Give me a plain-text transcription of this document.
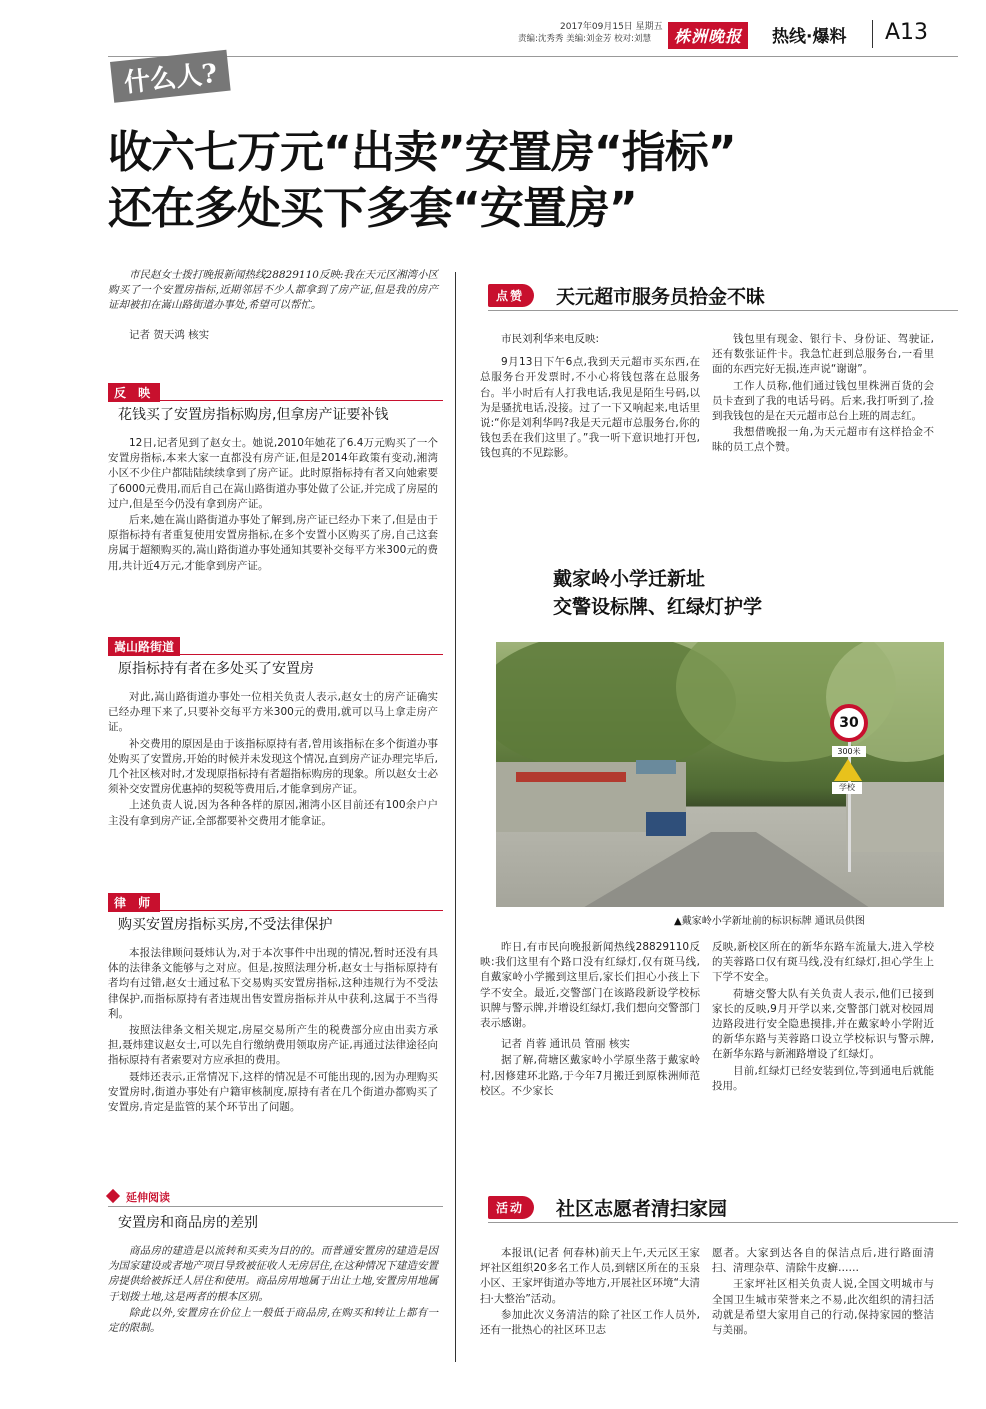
2017年09月15日 星期五
责编:沈秀秀 美编:刘金芳 校对:刘慧	株洲晚报	热线·爆料 A13
什么人?
收六七万元“出卖”安置房“指标”
还在多处买下多套“安置房”

市民赵女士拨打晚报新闻热线28829110反映:我在天元区湘湾小区购买了一个安置房指标,近期邻居不少人都拿到了房产证,但是我的房产证却被扣在嵩山路街道办事处,希望可以帮忙。

记者 贺天鸿 核实

反 映
花钱买了安置房指标购房,但拿房产证要补钱

12日,记者见到了赵女士。她说,2010年她花了6.4万元购买了一个安置房指标,本来大家一直都没有房产证,但是2014年政策有变动,湘湾小区不少住户都陆陆续续拿到了房产证。此时原指标持有者又向她索要了6000元费用,而后自己在嵩山路街道办事处做了公证,并完成了房屋的过户,但是至今仍没有拿到房产证。

后来,她在嵩山路街道办事处了解到,房产证已经办下来了,但是由于原指标持有者重复使用安置房指标,在多个安置小区购买了房,自己这套房属于超额购买的,嵩山路街道办事处通知其要补交每平方米300元的费用,共计近4万元,才能拿到房产证。

嵩山路街道
原指标持有者在多处买了安置房

对此,嵩山路街道办事处一位相关负责人表示,赵女士的房产证确实已经办理下来了,只要补交每平方米300元的费用,就可以马上拿走房产证。

补交费用的原因是由于该指标原持有者,曾用该指标在多个街道办事处购买了安置房,开始的时候并未发现这个情况,直到房产证办理完毕后,几个社区核对时,才发现原指标持有者超指标购房的现象。所以赵女士必须补交安置房优惠掉的契税等费用后,才能拿到房产证。

上述负责人说,因为各种各样的原因,湘湾小区目前还有100余户户主没有拿到房产证,全部都要补交费用才能拿证。

律 师
购买安置房指标买房,不受法律保护

本报法律顾问聂炜认为,对于本次事件中出现的情况,暂时还没有具体的法律条文能够与之对应。但是,按照法理分析,赵女士与指标原持有者均有过错,赵女士通过私下交易购买安置房指标,这种违规行为不受法律保护,而指标原持有者违规出售安置房指标并从中获利,这属于不当得利。

按照法律条文相关规定,房屋交易所产生的税费部分应由出卖方承担,聂炜建议赵女士,可以先自行缴纳费用领取房产证,再通过法律途径向指标原持有者索要对方应承担的费用。

聂炜还表示,正常情况下,这样的情况是不可能出现的,因为办理购买安置房时,街道办事处有户籍审核制度,原持有者在几个街道办都购买了安置房,肯定是监管的某个环节出了问题。

延伸阅读
安置房和商品房的差别

商品房的建造是以流转和买卖为目的的。而普通安置房的建造是因为国家建设或者地产项目导致被征收人无房居住,在这种情况下建造安置房提供给被拆迁人居住和使用。商品房用地属于出让土地,安置房用地属于划拨土地,这是两者的根本区别。

除此以外,安置房在价位上一般低于商品房,在购买和转让上都有一定的限制。

点赞	天元超市服务员拾金不昧

市民刘利华来电反映:

9月13日下午6点,我到天元超市买东西,在总服务台开发票时,不小心将钱包落在总服务台。半小时后有人打我电话,我见是陌生号码,以为是骚扰电话,没接。过了一下又响起来,电话里说:“你是刘利华吗?我是天元超市总服务台,你的钱包丢在我们这里了。”我一听下意识地打开包,钱包真的不见踪影。

钱包里有现金、银行卡、身份证、驾驶证,还有数张证件卡。我急忙赶到总服务台,一看里面的东西完好无损,连声说“谢谢”。

工作人员称,他们通过钱包里株洲百货的会员卡查到了我的电话号码。后来,我打听到了,捡到我钱包的是在天元超市总台上班的周志红。

我想借晚报一角,为天元超市有这样拾金不昧的员工点个赞。

戴家岭小学迁新址
交警设标牌、红绿灯护学
30
300米
学校
▲戴家岭小学新址前的标识标牌 通讯员供图

昨日,有市民向晚报新闻热线28829110反映:我们这里有个路口没有红绿灯,仅有斑马线,自戴家岭小学搬到这里后,家长们担心小孩上下学不安全。最近,交警部门在该路段新设学校标识牌与警示牌,并增设红绿灯,我们想向交警部门表示感谢。

记者 肖蓉 通讯员 管丽 核实

据了解,荷塘区戴家岭小学原坐落于戴家岭村,因修建环北路,于今年7月搬迁到原株洲师范校区。不少家长

反映,新校区所在的新华东路车流量大,进入学校的芙蓉路口仅有斑马线,没有红绿灯,担心学生上下学不安全。

荷塘交警大队有关负责人表示,他们已接到家长的反映,9月开学以来,交警部门就对校园周边路段进行安全隐患摸排,并在戴家岭小学附近的新华东路与芙蓉路口设立学校标识与警示牌,在新华东路与新湘路增设了红绿灯。

目前,红绿灯已经安装到位,等到通电后就能投用。

活动	社区志愿者清扫家园

本报讯(记者 何春林)前天上午,天元区王家坪社区组织20多名工作人员,到辖区所在的玉泉小区、王家坪街道办等地方,开展社区环境“大清扫·大整治”活动。

参加此次义务清洁的除了社区工作人员外,还有一批热心的社区环卫志

愿者。大家到达各自的保洁点后,进行路面清扫、清理杂草、清除牛皮癣……

王家坪社区相关负责人说,全国文明城市与全国卫生城市荣誉来之不易,此次组织的清扫活动就是希望大家用自己的行动,保持家园的整洁与美丽。
